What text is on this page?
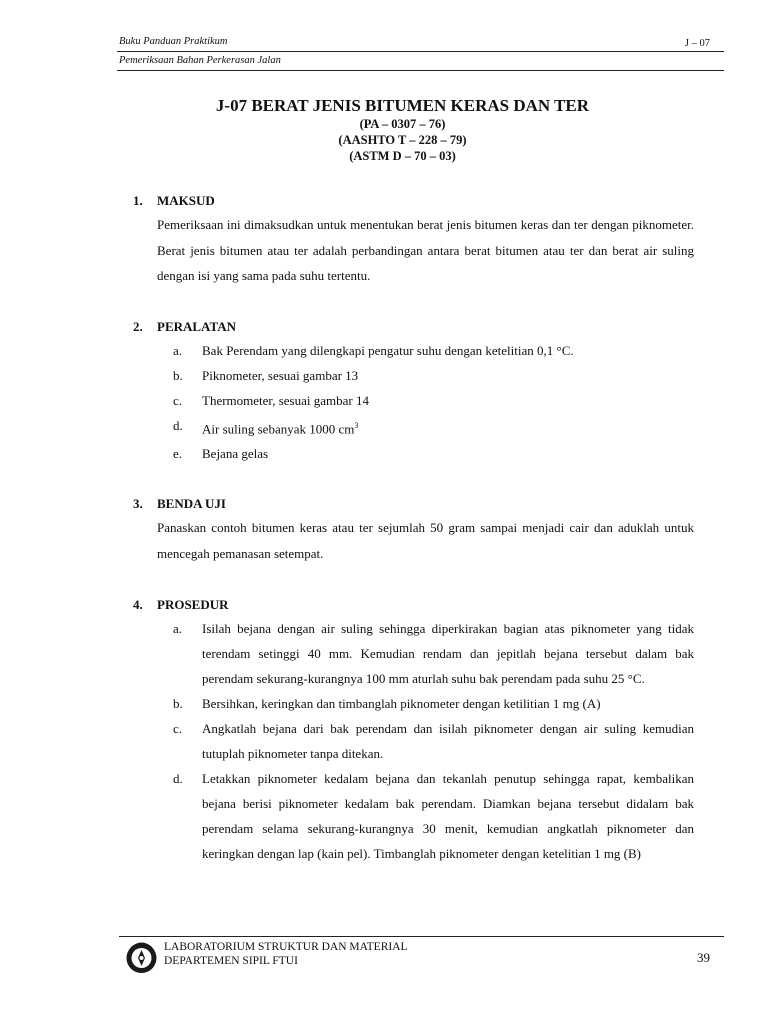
Buku Panduan Praktikum	J – 07
Pemeriksaan Bahan Perkerasan Jalan
J-07 BERAT JENIS BITUMEN KERAS DAN TER
(PA – 0307 – 76)
(AASHTO T – 228 – 79)
(ASTM D – 70 – 03)
1. MAKSUD
Pemeriksaan ini dimaksudkan untuk menentukan berat jenis bitumen keras dan ter dengan piknometer. Berat jenis bitumen atau ter adalah perbandingan antara berat bitumen atau ter dan berat air suling dengan isi yang sama pada suhu tertentu.
2. PERALATAN
a.	Bak Perendam yang dilengkapi pengatur suhu dengan ketelitian 0,1 °C.
b.	Piknometer, sesuai gambar 13
c.	Thermometer, sesuai gambar 14
d.	Air suling sebanyak 1000 $cm^3$
e.	Bejana gelas
3. BENDA UJI
Panaskan contoh bitumen keras atau ter sejumlah 50 gram sampai menjadi cair dan aduklah untuk mencegah pemanasan setempat.
4. PROSEDUR
a.	Isilah bejana dengan air suling sehingga diperkirakan bagian atas piknometer yang tidak terendam setinggi 40 mm. Kemudian rendam dan jepitlah bejana tersebut dalam bak perendam sekurang-kurangnya 100 mm aturlah suhu bak perendam pada suhu 25 °C.
b.	Bersihkan, keringkan dan timbanglah piknometer dengan ketilitian 1 mg (A)
c.	Angkatlah bejana dari bak perendam dan isilah piknometer dengan air suling kemudian tutuplah piknometer tanpa ditekan.
d.	Letakkan piknometer kedalam bejana dan tekanlah penutup sehingga rapat, kembalikan bejana berisi piknometer kedalam bak perendam. Diamkan bejana tersebut didalam bak perendam selama sekurang-kurangnya 30 menit, kemudian angkatlah piknometer dan keringkan dengan lap (kain pel). Timbanglah piknometer dengan ketelitian 1 mg (B)
LABORATORIUM STRUKTUR DAN MATERIAL
DEPARTEMEN SIPIL FTUI	39
